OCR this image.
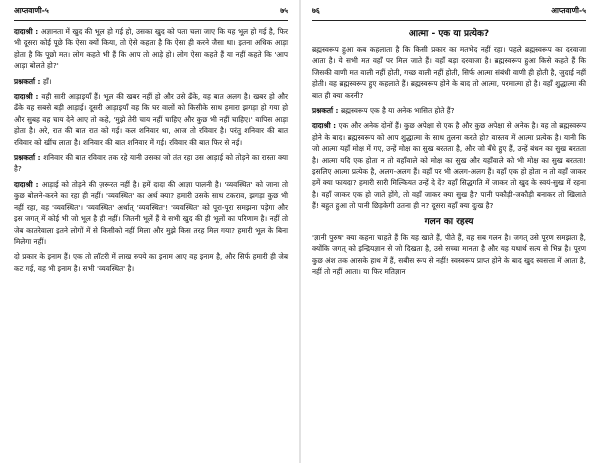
आप्तवाणी-५	७५

दादाश्री : अज्ञानता में खुद की भूल हो गई हो, उसका खुद को पता चला जाए कि यह भूल हो गई है, फिर भी दूसरा कोई पूछे कि ऐसा क्यों किया, तो ऐसे कहता है कि ऐसा ही करने जैसा था। इतना अधिक आड़ा होता है कि पूछो मत। लोग कहते भी हैं कि आप तो आड़े हो। लोग ऐसा कहते हैं या नहीं कहते कि 'आप आड़ा बोलते हो?'

प्रश्नकर्ता : हाँ।

दादाश्री : वही सारी आड़ाइयाँ हैं। भूल की खबर नहीं हो और उसे ढँके, वह बात अलग है। खबर हो और ढँके वह सबसे बड़ी आड़ाई। दूसरी आड़ाइयाँ वह कि घर वालों को किसीके साथ हमारा झगड़ा हो गया हो और सुबह वह चाय देने आए तो कहे, 'मुझे तेरी चाय नहीं चाहिए और कुछ भी नहीं चाहिए।' वापिस आड़ा होता है। अरे, रात की बात रात को गई। कल शनिवार था, आज तो रविवार है। परंतु शनिवार की बात रविवार को खींच लाता है। शनिवार की बात शनिवार में गई। रविवार की बात फिर से नई।

प्रश्नकर्ता : शनिवार की बात रविवार तक रहे यानी उसका जो तंत रहा उस आड़ाई को तोड़ने का रास्ता क्या है?

दादाश्री : आड़ाई को तोड़ने की ज़रूरत नहीं है। हमें दादा की आज्ञा पालनी है। 'व्यवस्थित' को जाना तो कुछ बोलने-करने का रहा ही नहीं। 'व्यवस्थित' का अर्थ क्या? हमारी उसके साथ टकराव, झगड़ा कुछ भी नहीं रहा, वह 'व्यवस्थित'। 'व्यवस्थित' अर्थात् 'व्यवस्थित'! 'व्यवस्थित' को पूरा-पूरा समझना पड़ेगा और इस जगत् में कोई भी जो भूल है ही नहीं। जितनी भूलें हैं वे सभी खुद की ही भूलों का परिणाम है। नहीं तो जेब कातरेवाला इतने लोगों में से किसीको नहीं मिला और मुझे किस तरह मिल गया? हमारी भूल के बिना मिलेगा नहीं।

दो प्रकार के इनाम हैं। एक तो लॉटरी में लाख रुपये का इनाम आए वह इनाम है, और सिर्फ हमारी ही जेब कट गई, वह भी इनाम है। सभी 'व्यवस्थित' है।

७६	आप्तवाणी-५
आत्मा - एक या प्रत्येक?

ब्रह्मस्वरूप हुआ कब कहलाता है कि किसी प्रकार का मतभेद नहीं रहा। पहले ब्रह्मस्वरूप का दरवाजा आता है। ये सभी मत वहाँ पर मिल जाते हैं। वहाँ बड़ा दरवाजा है। ब्रह्मस्वरूप हुआ किसे कहते हैं कि जिसकी वाणी मत वाली नहीं होती, गच्छ वाली नहीं होती, सिर्फ आत्मा संबंधी वाणी ही होती है, जुदाई नहीं होती। वह ब्रह्मस्वरूप हुए कहलाते हैं। ब्रह्मस्वरूप होने के बाद तो आत्मा, परमात्मा हो है। वहाँ शुद्धात्मा की बात ही क्या करनी?

प्रश्नकर्ता : ब्रह्मस्वरूप एक है या अनेक भासित होते हैं?

दादाश्री : एक और अनेक दोनों हैं। कुछ अपेक्षा से एक है और कुछ अपेक्षा से अनेक है। वह तो ब्रह्मस्वरूप होने के बाद। ब्रह्मस्वरूप को आप शुद्धात्मा के साथ तुलना करते हो? वास्तव में आत्मा प्रत्येक है। यानी कि जो आत्मा यहाँ मोक्ष में गए, उन्हें मोक्ष का सुख बरतता है, और जो बँधे हुए हैं, उन्हें बंधन का सुख बरतता है। आत्मा यदि एक होता न तो वहाँवाले को मोक्ष का सुख और यहाँवाले को भी मोक्ष का सुख बरतता! इसलिए आत्मा प्रत्येक है, अलग-अलग हैं। वहाँ पर भी अलग-अलग हैं। वहाँ एक हो होता न तो वहाँ जाकर हमें क्या फायदा? हमारी सारी मिल्कियत उन्हें दे दें? वहाँ सिद्धगति में जाकर तो खुद के स्वयं-सुख में रहना है। वहाँ जाकर एक हो जाते होंगे, तो वहाँ जाकर क्या सुख है? पानी पकौड़ी-जकौड़ी बनाकर तो खिलाते हैं! बहुत हुआ तो पानी छिड़केगी उतना ही न? दूसरा वहाँ क्या दुःख है?

गलन का रहस्य

'ज्ञानी पुरुष' क्या कहना चाहते हैं कि यह खाते हैं, पीते हैं, वह सब गलन है। जगत् उसे पूरण समझता है, क्योंकि जगत् को इन्द्रियज्ञान से जो दिखता है, उसे सच्चा मानता है और यह यथार्थ सत्य से भिन्न है। पूरण कुछ अंश तक आसके हाथ में हैं, सबीस रूप से नहीं! स्वस्वरूप प्राप्त होने के बाद खुद स्वसत्ता में आता है, नहीं तो नहीं आता। या फिर मतिज्ञान
